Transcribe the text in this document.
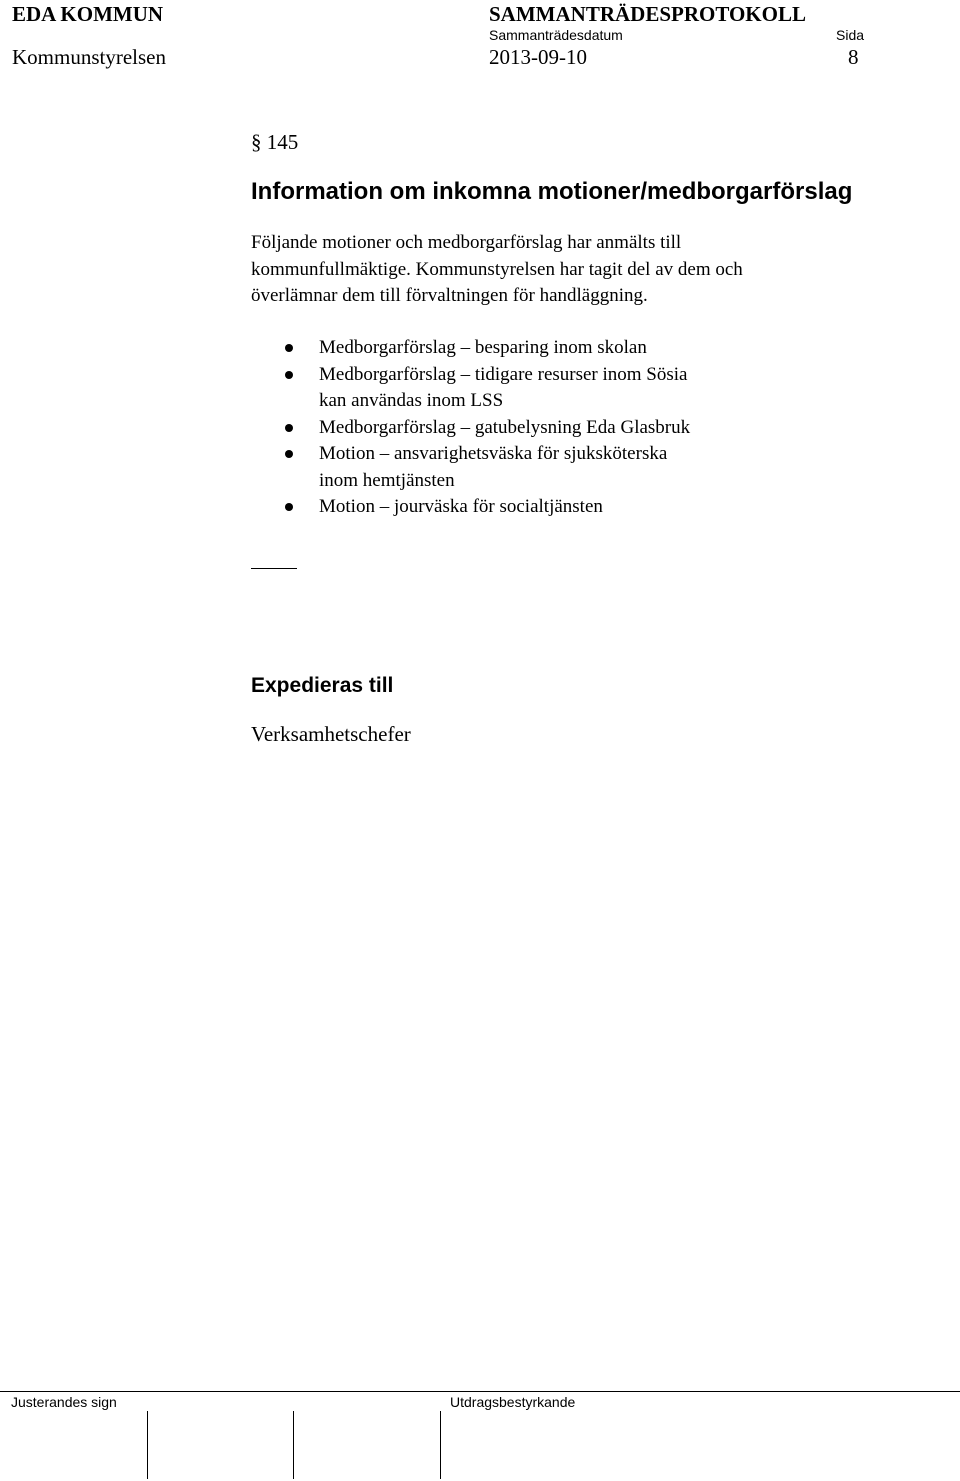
EDA KOMMUN	SAMMANTRÄDESPROTOKOLL
Sammanträdesdatum	Sida
Kommunstyrelsen	2013-09-10	8
§ 145
Information om inkomna motioner/medborgarförslag
Följande motioner och medborgarförslag har anmälts till
kommunfullmäktige. Kommunstyrelsen har tagit del av dem och
överlämnar dem till förvaltningen för handläggning.
Medborgarförslag – besparing inom skolan
Medborgarförslag – tidigare resurser inom Sösia
kan användas inom LSS
Medborgarförslag – gatubelysning Eda Glasbruk
Motion – ansvarighetsväska för sjuksköterska
inom hemtjänsten
Motion – jourväska för socialtjänsten
Expedieras till
Verksamhetschefer
Justerandes sign	Utdragsbestyrkande
